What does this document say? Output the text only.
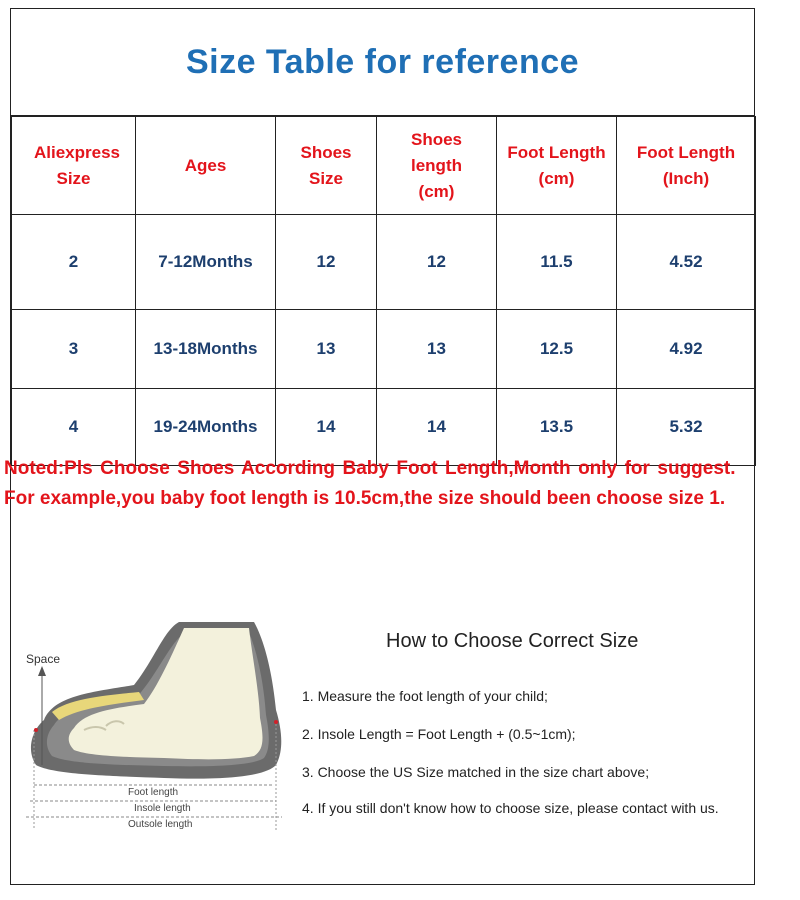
Size Table for reference
Aliexpress Size	Ages	Shoes Size	Shoes length (cm)	Foot Length (cm)	Foot Length (Inch)
2	7-12Months	12	12	11.5	4.52
3	13-18Months	13	13	12.5	4.92
4	19-24Months	14	14	13.5	5.32
Noted:Pls Choose Shoes According Baby Foot Length,Month only for suggest.  For example,you baby foot length is 10.5cm,the size should been choose size 1.
Space
Foot length
Insole length
Outsole length
How to Choose Correct Size
1. Measure the foot length of your child;
2. Insole Length = Foot Length + (0.5~1cm);
3. Choose the US Size matched in the size chart above;
4. If you still don't know how to choose size, please contact with us.
